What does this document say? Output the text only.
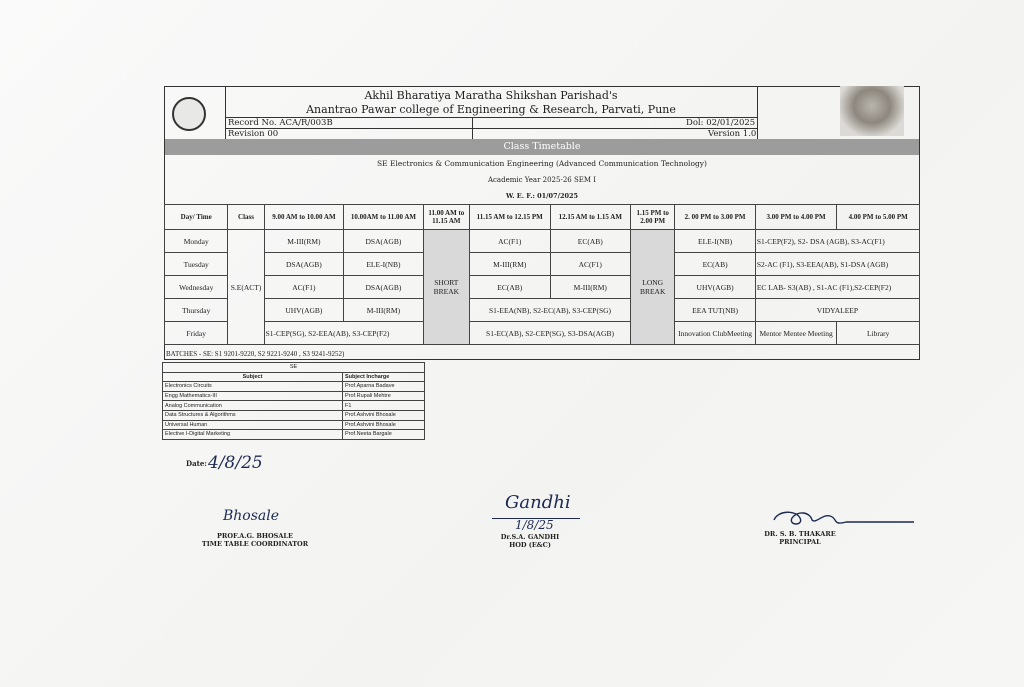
Akhil Bharatiya Maratha Shikshan Parishad's
Anantrao Pawar college of Engineering & Research, Parvati, Pune
Record No. ACA/R/003B
Revision 00
Dol: 02/01/2025
Version 1.0
Class Timetable
SE Electronics & Communication Engineering (Advanced Communication Technology)
Academic Year 2025-26 SEM I
W. E. F.: 01/07/2025
Day/ Time	Class	9.00 AM to 10.00 AM	10.00AM to 11.00 AM	11.00 AM to 11.15 AM	11.15 AM to 12.15 PM	12.15 AM to 1.15 AM	1.15 PM to 2.00 PM	2. 00 PM to 3.00 PM	3.00 PM to 4.00 PM	4.00 PM to 5.00 PM
Monday	S.E(ACT)	M-III(RM)	DSA(AGB)	SHORT BREAK	AC(F1)	EC(AB)	LONG BREAK	ELE-I(NB)	S1-CEP(F2), S2- DSA (AGB), S3-AC(F1)	
Tuesday		DSA(AGB)	ELE-I(NB)		M-III(RM)	AC(F1)		EC(AB)	S2-AC (F1), S3-EEA(AB), S1-DSA (AGB)	
Wednesday		AC(F1)	DSA(AGB)		EC(AB)	M-III(RM)		UHV(AGB)	EC LAB- S3(AB) , S1-AC (F1),S2-CEP(F2)	
Thursday		UHV(AGB)	M-III(RM)		S1-EEA(NB), S2-EC(AB), S3-CEP(SG)			EEA TUT(NB)	VIDYALEEP	
Friday		S1-CEP(SG), S2-EEA(AB), S3-CEP(F2)			S1-EC(AB), S2-CEP(SG), S3-DSA(AGB)			Innovation ClubMeeting	Mentor Mentee Meeting	Library
BATCHES - SE: S1 9201-9220, S2 9221-9240 , S3 9241-9252)
SE	
Subject	Subject Incharge
Electronics Circuits	Prof.Aparna Badave
Engg Mathematics-III	Prof.Rupali Mehtre
Analog Communication	F1
Data Structures & Algorithms	Prof.Ashvini Bhosale
Universal Human	Prof.Ashvini Bhosale
Elective I-Digital Marketing	Prof.Neeta Bargale
Date: 4/8/25
Bhosale
PROF.A.G. BHOSALE
TIME TABLE COORDINATOR
Gandhi
1/8/25
Dr.S.A. GANDHI
HOD (E&C)
DR. S. B. THAKARE
PRINCIPAL
